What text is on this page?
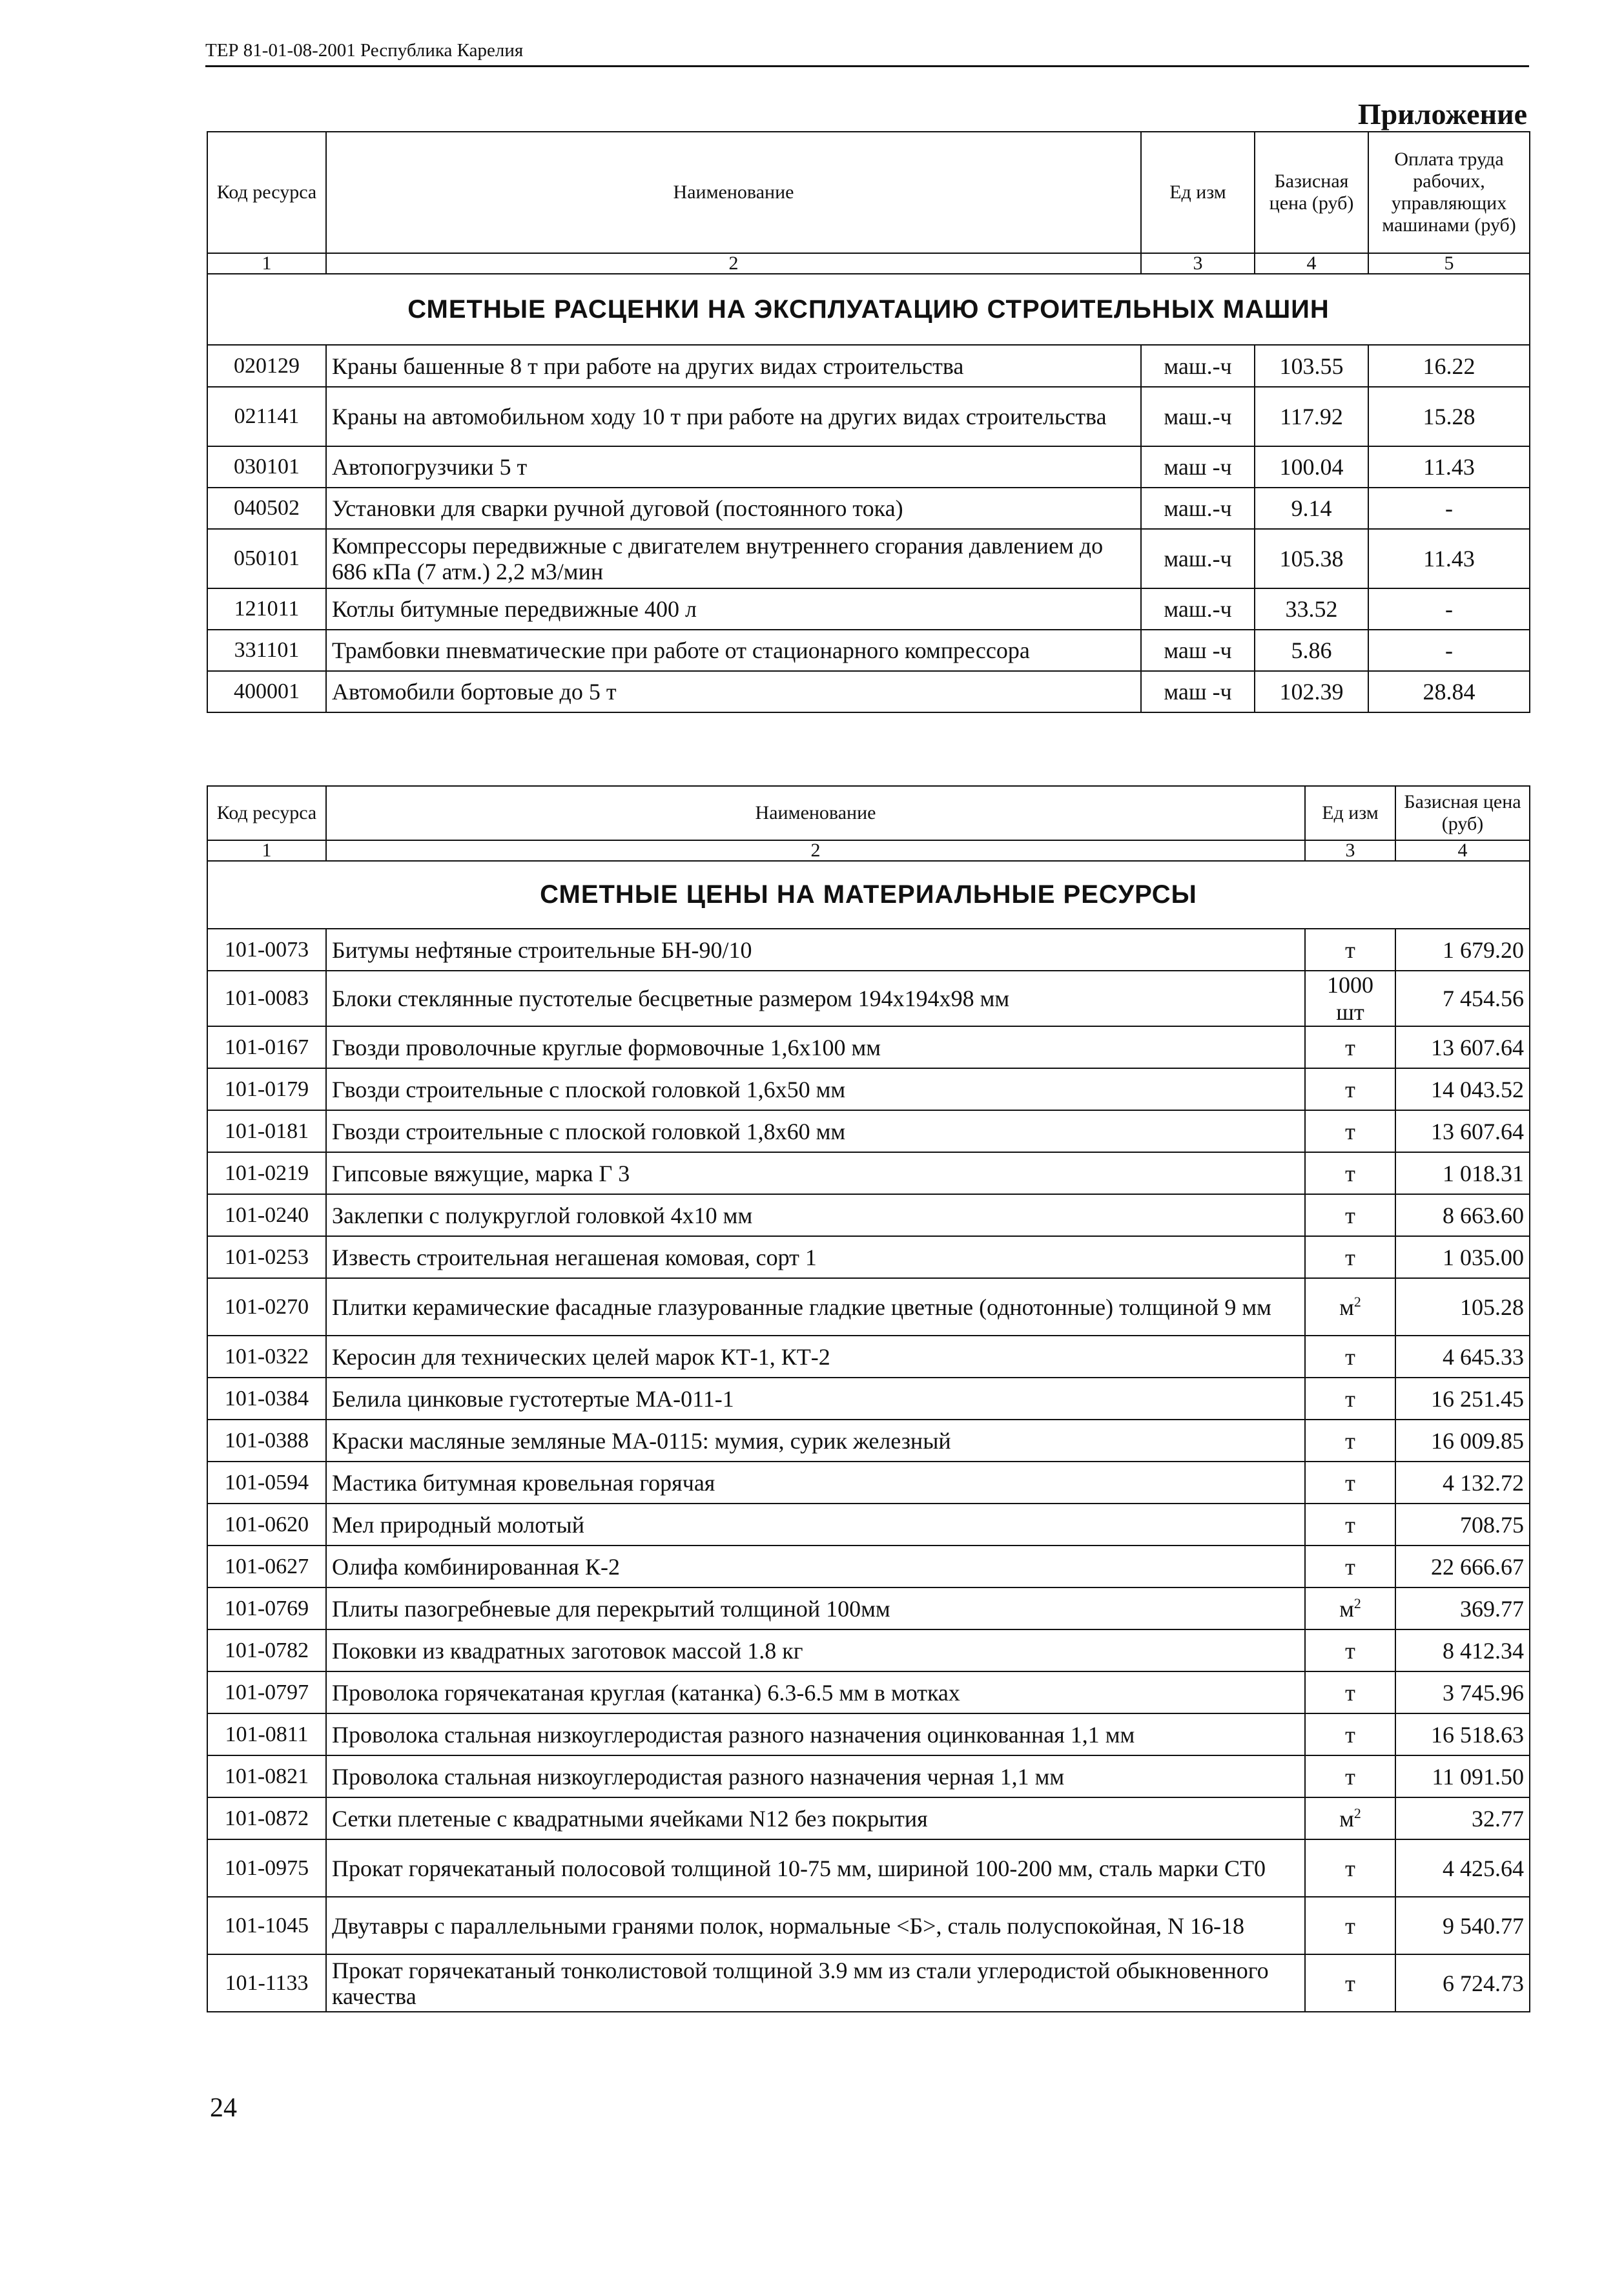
ТЕР 81-01-08-2001 Республика Карелия
Приложение
Код ресурса	Наименование	Ед изм	Базисная цена (руб)	Оплата труда рабочих, управляющих машинами (руб)
1	2	3	4	5
СМЕТНЫЕ РАСЦЕНКИ НА ЭКСПЛУАТАЦИЮ СТРОИТЕЛЬНЫХ МАШИН				
020129	Краны башенные 8 т при работе на других видах строительства	маш.-ч	103.55	16.22
021141	Краны на автомобильном ходу 10 т при работе на других видах строительства	маш.-ч	117.92	15.28
030101	Автопогрузчики 5 т	маш -ч	100.04	11.43
040502	Установки для сварки ручной дуговой (постоянного тока)	маш.-ч	9.14	-
050101	Компрессоры передвижные с двигателем внутреннего сгорания давлением до 686 кПа (7 атм.) 2,2 м3/мин	маш.-ч	105.38	11.43
121011	Котлы битумные передвижные 400 л	маш.-ч	33.52	-
331101	Трамбовки пневматические при работе от стационарного компрессора	маш -ч	5.86	-
400001	Автомобили бортовые до 5 т	маш -ч	102.39	28.84
Код ресурса	Наименование	Ед изм	Базисная цена (руб)
1	2	3	4
СМЕТНЫЕ ЦЕНЫ НА МАТЕРИАЛЬНЫЕ РЕСУРСЫ			
101-0073	Битумы нефтяные строительные БН-90/10	т	1 679.20
101-0083	Блоки стеклянные пустотелые бесцветные размером 194х194х98 мм	1000 шт	7 454.56
101-0167	Гвозди проволочные круглые формовочные 1,6х100 мм	т	13 607.64
101-0179	Гвозди строительные с плоской головкой 1,6х50 мм	т	14 043.52
101-0181	Гвозди строительные с плоской головкой 1,8х60 мм	т	13 607.64
101-0219	Гипсовые вяжущие, марка Г 3	т	1 018.31
101-0240	Заклепки с полукруглой головкой 4х10 мм	т	8 663.60
101-0253	Известь строительная негашеная комовая, сорт 1	т	1 035.00
101-0270	Плитки керамические фасадные глазурованные гладкие цветные (однотонные) толщиной 9 мм	$м^2$	105.28
101-0322	Керосин для технических целей марок КТ-1, КТ-2	т	4 645.33
101-0384	Белила цинковые густотертые МА-011-1	т	16 251.45
101-0388	Краски масляные земляные МА-0115: мумия, сурик железный	т	16 009.85
101-0594	Мастика битумная кровельная горячая	т	4 132.72
101-0620	Мел природный молотый	т	708.75
101-0627	Олифа комбинированная К-2	т	22 666.67
101-0769	Плиты пазогребневые для перекрытий толщиной 100мм	$м^2$	369.77
101-0782	Поковки из квадратных заготовок массой 1.8 кг	т	8 412.34
101-0797	Проволока горячекатаная круглая (катанка) 6.3-6.5 мм в мотках	т	3 745.96
101-0811	Проволока стальная низкоуглеродистая разного назначения оцинкованная 1,1 мм	т	16 518.63
101-0821	Проволока стальная низкоуглеродистая разного назначения черная 1,1 мм	т	11 091.50
101-0872	Сетки плетеные с квадратными ячейками N12 без покрытия	$м^2$	32.77
101-0975	Прокат горячекатаный полосовой толщиной 10-75 мм, шириной 100-200 мм, сталь марки СТ0	т	4 425.64
101-1045	Двутавры с параллельными гранями полок, нормальные <Б>, сталь полуспокойная, N 16-18	т	9 540.77
101-1133	Прокат горячекатаный тонколистовой толщиной 3.9 мм из стали углеродистой обыкновенного качества	т	6 724.73
24
